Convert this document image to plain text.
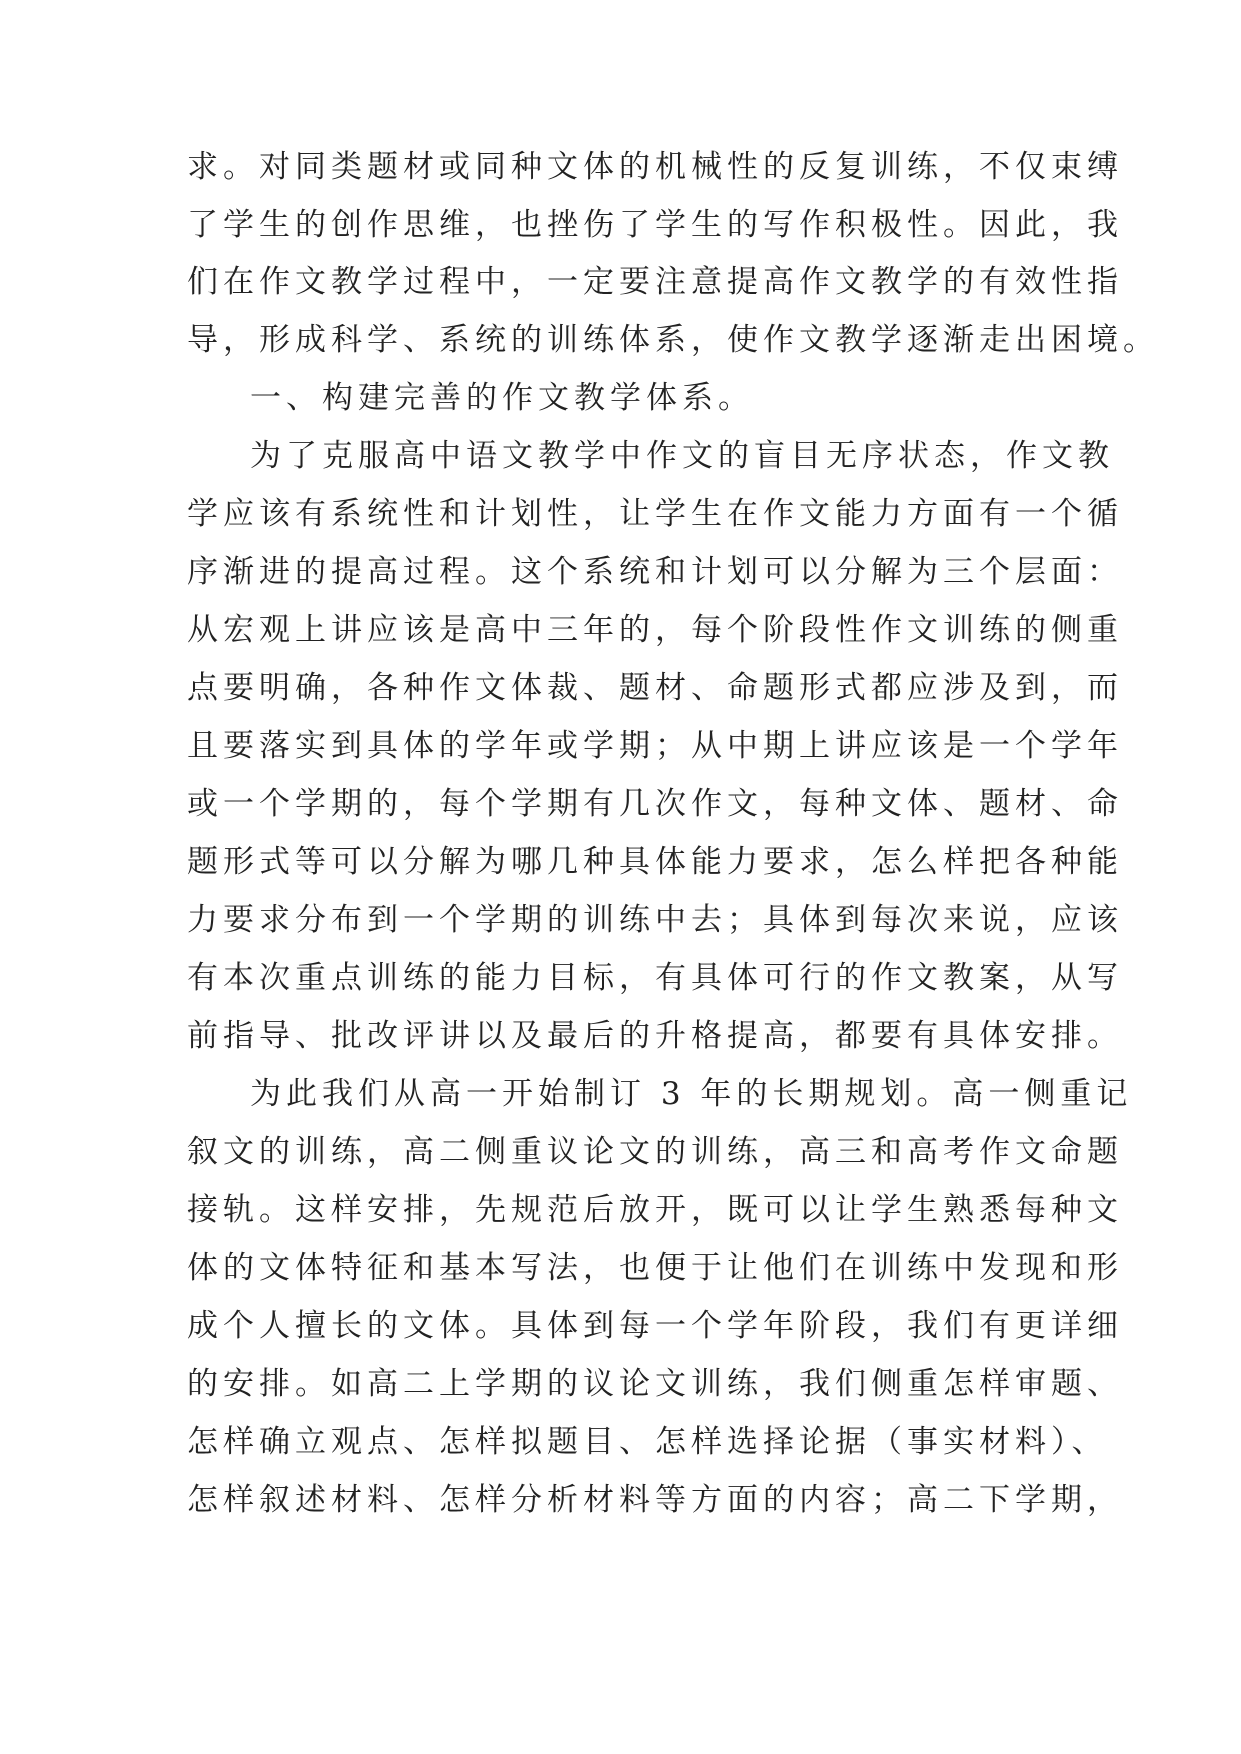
求。对同类题材或同种文体的机械性的反复训练，不仅束缚
了学生的创作思维，也挫伤了学生的写作积极性。因此，我
们在作文教学过程中，一定要注意提高作文教学的有效性指
导，形成科学、系统的训练体系，使作文教学逐渐走出困境。
一、构建完善的作文教学体系。
为了克服高中语文教学中作文的盲目无序状态，作文教
学应该有系统性和计划性，让学生在作文能力方面有一个循
序渐进的提高过程。这个系统和计划可以分解为三个层面：
从宏观上讲应该是高中三年的，每个阶段性作文训练的侧重
点要明确，各种作文体裁、题材、命题形式都应涉及到，而
且要落实到具体的学年或学期；从中期上讲应该是一个学年
或一个学期的，每个学期有几次作文，每种文体、题材、命
题形式等可以分解为哪几种具体能力要求，怎么样把各种能
力要求分布到一个学期的训练中去；具体到每次来说，应该
有本次重点训练的能力目标，有具体可行的作文教案，从写
前指导、批改评讲以及最后的升格提高，都要有具体安排。
为此我们从高一开始制订 3 年的长期规划。高一侧重记
叙文的训练，高二侧重议论文的训练，高三和高考作文命题
接轨。这样安排，先规范后放开，既可以让学生熟悉每种文
体的文体特征和基本写法，也便于让他们在训练中发现和形
成个人擅长的文体。具体到每一个学年阶段，我们有更详细
的安排。如高二上学期的议论文训练，我们侧重怎样审题、
怎样确立观点、怎样拟题目、怎样选择论据（事实材料）、
怎样叙述材料、怎样分析材料等方面的内容；高二下学期，
